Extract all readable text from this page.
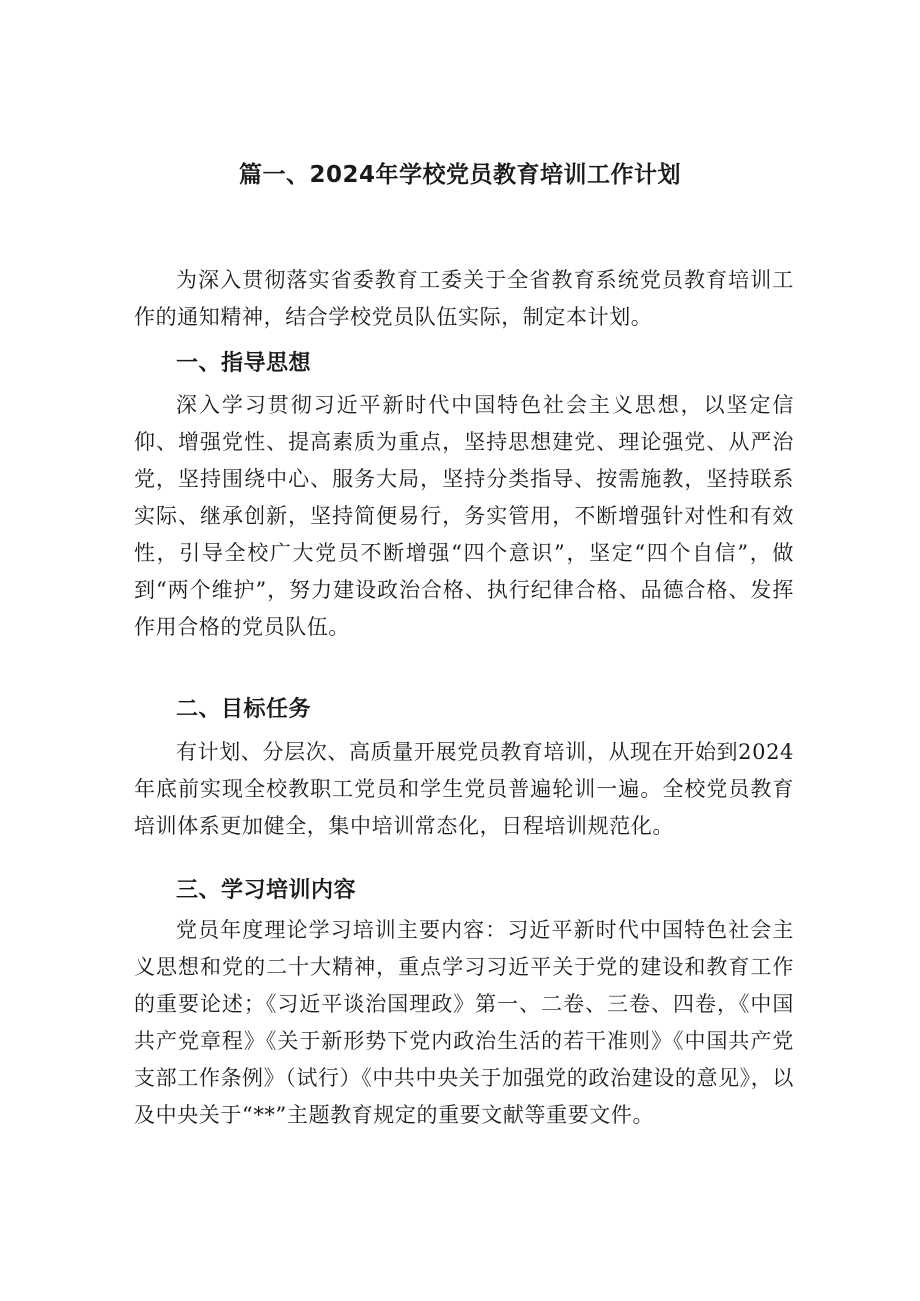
篇一、2024年学校党员教育培训工作计划
为深入贯彻落实省委教育工委关于全省教育系统党员教育培训工作的通知精神，结合学校党员队伍实际，制定本计划。
一、指导思想
深入学习贯彻习近平新时代中国特色社会主义思想，以坚定信仰、增强党性、提高素质为重点，坚持思想建党、理论强党、从严治党，坚持围绕中心、服务大局，坚持分类指导、按需施教，坚持联系实际、继承创新，坚持简便易行，务实管用，不断增强针对性和有效性，引导全校广大党员不断增强“四个意识”，坚定“四个自信”，做到“两个维护”，努力建设政治合格、执行纪律合格、品德合格、发挥作用合格的党员队伍。
二、目标任务
有计划、分层次、高质量开展党员教育培训，从现在开始到2024年底前实现全校教职工党员和学生党员普遍轮训一遍。全校党员教育培训体系更加健全，集中培训常态化，日程培训规范化。
三、学习培训内容
党员年度理论学习培训主要内容：习近平新时代中国特色社会主义思想和党的二十大精神，重点学习习近平关于党的建设和教育工作的重要论述；《习近平谈治国理政》第一、二卷、三卷、四卷，《中国共产党章程》《关于新形势下党内政治生活的若干准则》《中国共产党支部工作条例》（试行）《中共中央关于加强党的政治建设的意见》，以及中央关于“**”主题教育规定的重要文献等重要文件。
